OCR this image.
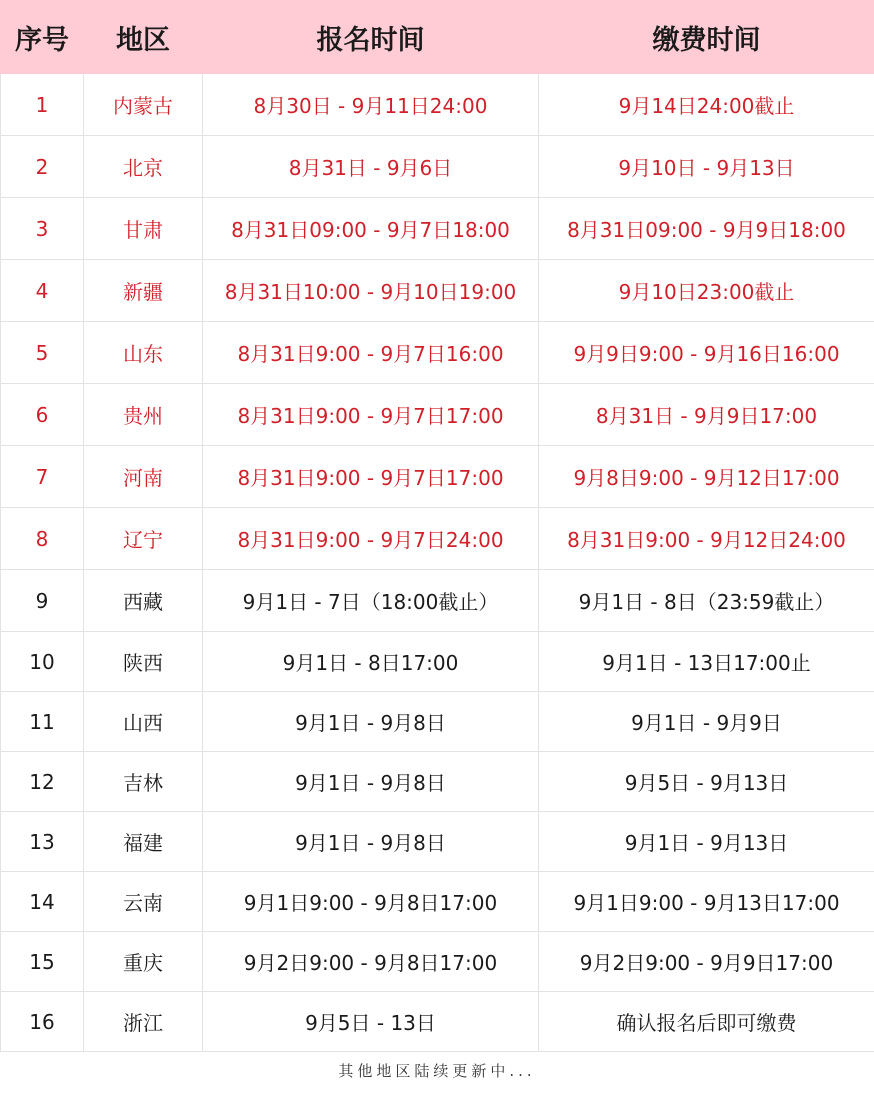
序号	地区	报名时间	缴费时间
1	内蒙古	8月30日 - 9月11日24:00	9月14日24:00截止
2	北京	8月31日 - 9月6日	9月10日 - 9月13日
3	甘肃	8月31日09:00 - 9月7日18:00	8月31日09:00 - 9月9日18:00
4	新疆	8月31日10:00 - 9月10日19:00	9月10日23:00截止
5	山东	8月31日9:00 - 9月7日16:00	9月9日9:00 - 9月16日16:00
6	贵州	8月31日9:00 - 9月7日17:00	8月31日 - 9月9日17:00
7	河南	8月31日9:00 - 9月7日17:00	9月8日9:00 - 9月12日17:00
8	辽宁	8月31日9:00 - 9月7日24:00	8月31日9:00 - 9月12日24:00
9	西藏	9月1日 - 7日（18:00截止）	9月1日 - 8日（23:59截止）
10	陕西	9月1日 - 8日17:00	9月1日 - 13日17:00止
11	山西	9月1日 - 9月8日	9月1日 - 9月9日
12	吉林	9月1日 - 9月8日	9月5日 - 9月13日
13	福建	9月1日 - 9月8日	9月1日 - 9月13日
14	云南	9月1日9:00 - 9月8日17:00	9月1日9:00 - 9月13日17:00
15	重庆	9月2日9:00 - 9月8日17:00	9月2日9:00 - 9月9日17:00
16	浙江	9月5日 - 13日	确认报名后即可缴费
其他地区陆续更新中...
